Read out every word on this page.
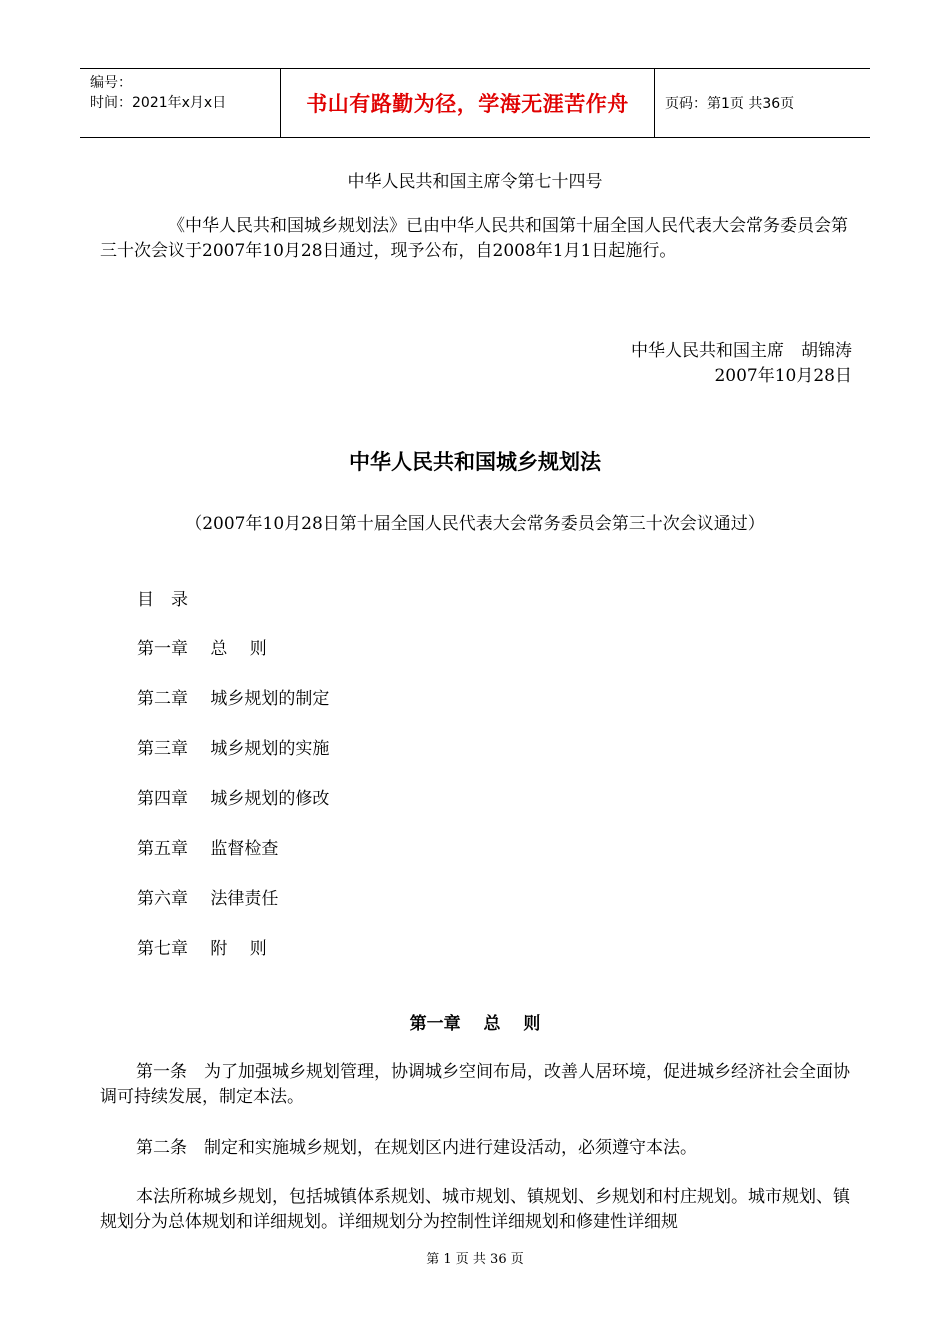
编号：
时间：2021年x月x日	书山有路勤为径，学海无涯苦作舟	页码：第1页 共36页
中华人民共和国主席令第七十四号
《中华人民共和国城乡规划法》已由中华人民共和国第十届全国人民代表大会常务委员会第三十次会议于2007年10月28日通过，现予公布，自2008年1月1日起施行。
中华人民共和国主席　胡锦涛
2007年10月28日
中华人民共和国城乡规划法
（2007年10月28日第十届全国人民代表大会常务委员会第三十次会议通过）
目　录
第一章　 总　 则
第二章　 城乡规划的制定
第三章　 城乡规划的实施
第四章　 城乡规划的修改
第五章　 监督检查
第六章　 法律责任
第七章　 附　 则
第一章　 总　 则
第一条　为了加强城乡规划管理，协调城乡空间布局，改善人居环境，促进城乡经济社会全面协调可持续发展，制定本法。
第二条　制定和实施城乡规划，在规划区内进行建设活动，必须遵守本法。
本法所称城乡规划，包括城镇体系规划、城市规划、镇规划、乡规划和村庄规划。城市规划、镇规划分为总体规划和详细规划。详细规划分为控制性详细规划和修建性详细规
第 1 页 共 36 页
